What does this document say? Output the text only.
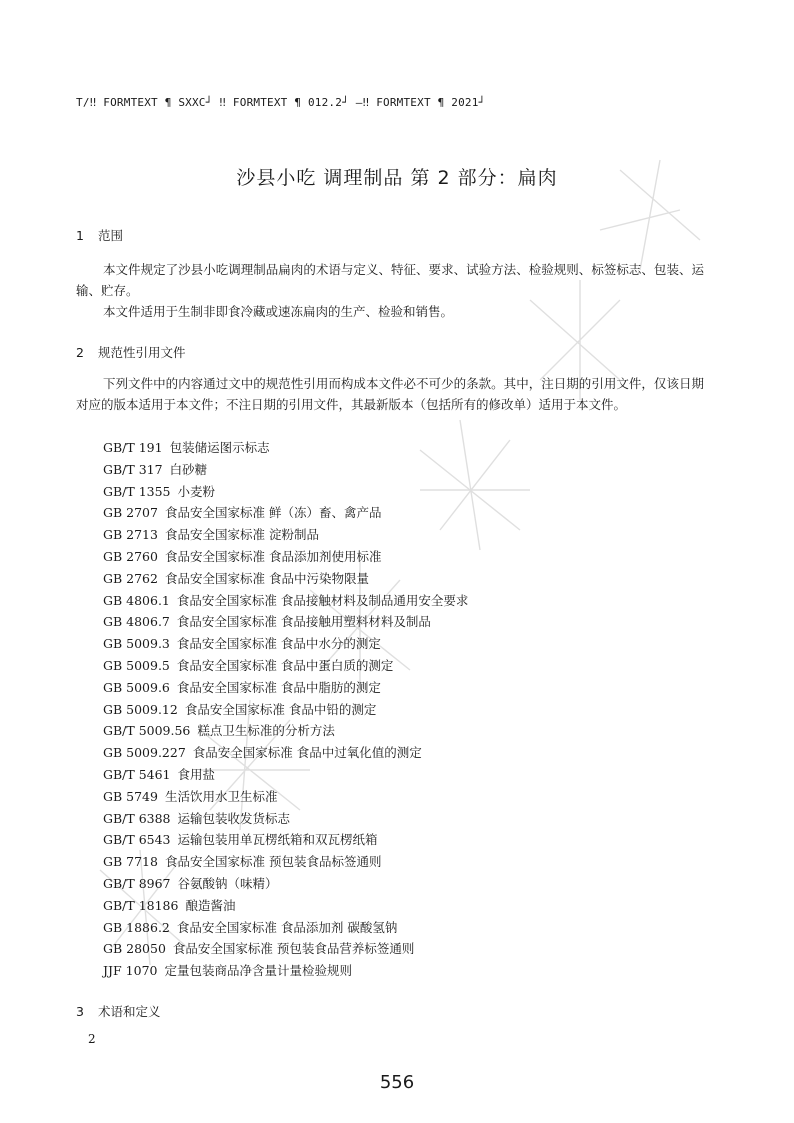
T/‼ FORMTEXT ¶ SXXC┘ ‼ FORMTEXT ¶ 012.2┘ —‼ FORMTEXT ¶ 2021┘
沙县小吃 调理制品 第 2 部分：扁肉
1 范围

本文件规定了沙县小吃调理制品扁肉的术语与定义、特征、要求、试验方法、检验规则、标签标志、包装、运输、贮存。

本文件适用于生制非即食冷藏或速冻扁肉的生产、检验和销售。

2 规范性引用文件

下列文件中的内容通过文中的规范性引用而构成本文件必不可少的条款。其中，注日期的引用文件，仅该日期对应的版本适用于本文件；不注日期的引用文件，其最新版本（包括所有的修改单）适用于本文件。

GB/T 191 包装储运图示标志
GB/T 317 白砂糖
GB/T 1355 小麦粉
GB 2707 食品安全国家标准 鲜（冻）畜、禽产品
GB 2713 食品安全国家标准 淀粉制品
GB 2760 食品安全国家标准 食品添加剂使用标准
GB 2762 食品安全国家标准 食品中污染物限量
GB 4806.1 食品安全国家标准 食品接触材料及制品通用安全要求
GB 4806.7 食品安全国家标准 食品接触用塑料材料及制品
GB 5009.3 食品安全国家标准 食品中水分的测定
GB 5009.5 食品安全国家标准 食品中蛋白质的测定
GB 5009.6 食品安全国家标准 食品中脂肪的测定
GB 5009.12 食品安全国家标准 食品中铅的测定
GB/T 5009.56 糕点卫生标准的分析方法
GB 5009.227 食品安全国家标准 食品中过氧化值的测定
GB/T 5461 食用盐
GB 5749 生活饮用水卫生标准
GB/T 6388 运输包装收发货标志
GB/T 6543 运输包装用单瓦楞纸箱和双瓦楞纸箱
GB 7718 食品安全国家标准 预包装食品标签通则
GB/T 8967 谷氨酸钠（味精）
GB/T 18186 酿造酱油
GB 1886.2 食品安全国家标准 食品添加剂 碳酸氢钠
GB 28050 食品安全国家标准 预包装食品营养标签通则
JJF 1070 定量包装商品净含量计量检验规则
3 术语和定义
2
556
